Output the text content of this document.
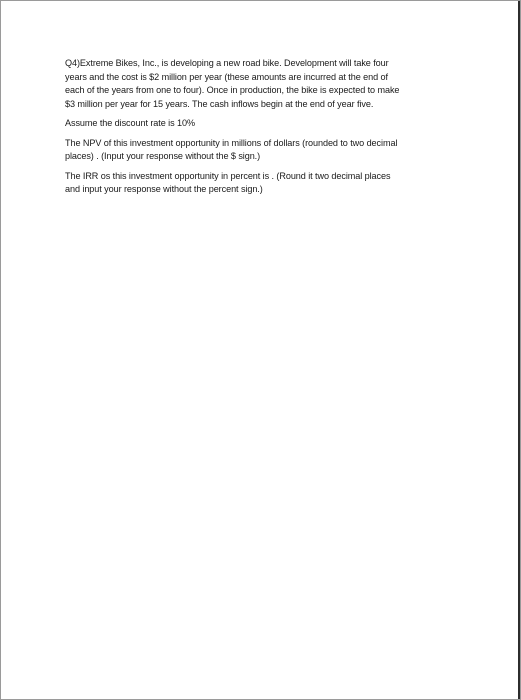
Q4)Extreme Bikes, Inc., is developing a new road bike. Development will take four
years and the cost is $2 million per year (these amounts are incurred at the end of
each of the years from one to four). Once in production, the bike is expected to make
$3 million per year for 15 years. The cash inflows begin at the end of year five.
Assume the discount rate is 10%
The NPV of this investment opportunity in millions of dollars (rounded to two decimal
places) . (Input your response without the $ sign.)
The IRR os this investment opportunity in percent is . (Round it two decimal places
and input your response without the percent sign.)
